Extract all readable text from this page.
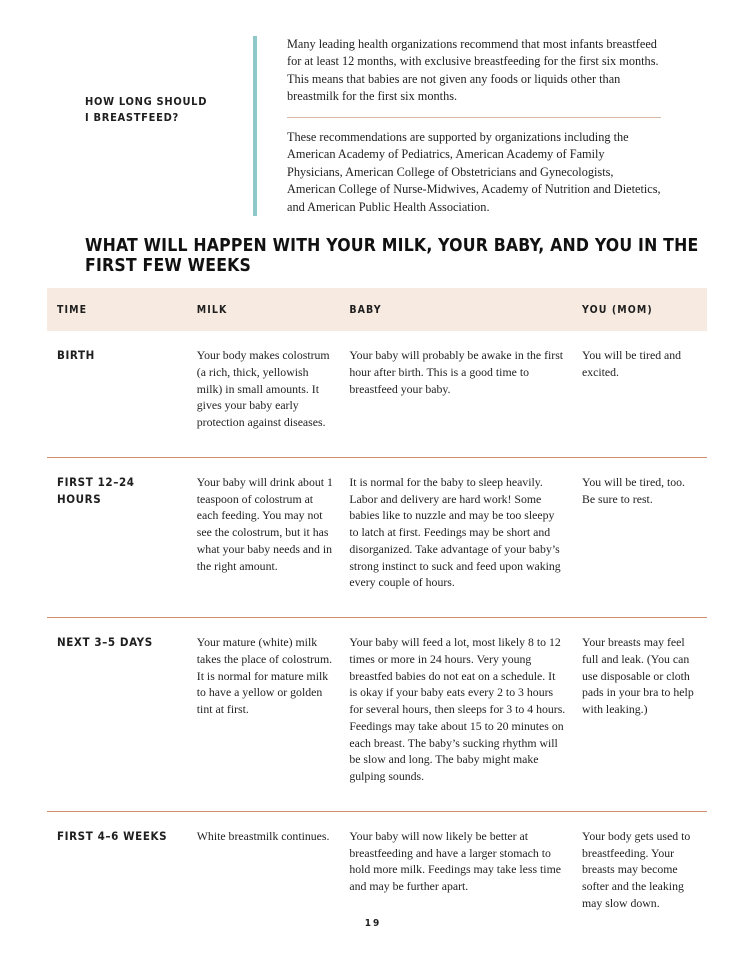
HOW LONG SHOULD
I BREASTFEED?

Many leading health organizations recommend that most infants breastfeed for at least 12 months, with exclusive breastfeeding for the first six months. This means that babies are not given any foods or liquids other than breastmilk for the first six months.

These recommendations are supported by organizations including the American Academy of Pediatrics, American Academy of Family Physicians, American College of Obstetricians and Gynecologists, American College of Nurse-Midwives, Academy of Nutrition and Dietetics, and American Public Health Association.

WHAT WILL HAPPEN WITH YOUR MILK, YOUR BABY, AND YOU IN THE FIRST FEW WEEKS
TIME	MILK	BABY	YOU (MOM)
BIRTH	Your body makes colostrum (a rich, thick, yellowish milk) in small amounts. It gives your baby early protection against diseases.	Your baby will probably be awake in the first hour after birth. This is a good time to breastfeed your baby.	You will be tired and excited.
FIRST 12–24 HOURS	Your baby will drink about 1 teaspoon of colostrum at each feeding. You may not see the colostrum, but it has what your baby needs and in the right amount.	It is normal for the baby to sleep heavily. Labor and delivery are hard work! Some babies like to nuzzle and may be too sleepy to latch at first. Feedings may be short and disorganized. Take advantage of your baby’s strong instinct to suck and feed upon waking every couple of hours.	You will be tired, too. Be sure to rest.
NEXT 3–5 DAYS	Your mature (white) milk takes the place of colostrum. It is normal for mature milk to have a yellow or golden tint at first.	Your baby will feed a lot, most likely 8 to 12 times or more in 24 hours. Very young breastfed babies do not eat on a schedule. It is okay if your baby eats every 2 to 3 hours for several hours, then sleeps for 3 to 4 hours. Feedings may take about 15 to 20 minutes on each breast. The baby’s sucking rhythm will be slow and long. The baby might make gulping sounds.	Your breasts may feel full and leak. (You can use disposable or cloth pads in your bra to help with leaking.)
FIRST 4–6 WEEKS	White breastmilk continues.	Your baby will now likely be better at breastfeeding and have a larger stomach to hold more milk. Feedings may take less time and may be further apart.	Your body gets used to breastfeeding. Your breasts may become softer and the leaking may slow down.
19
